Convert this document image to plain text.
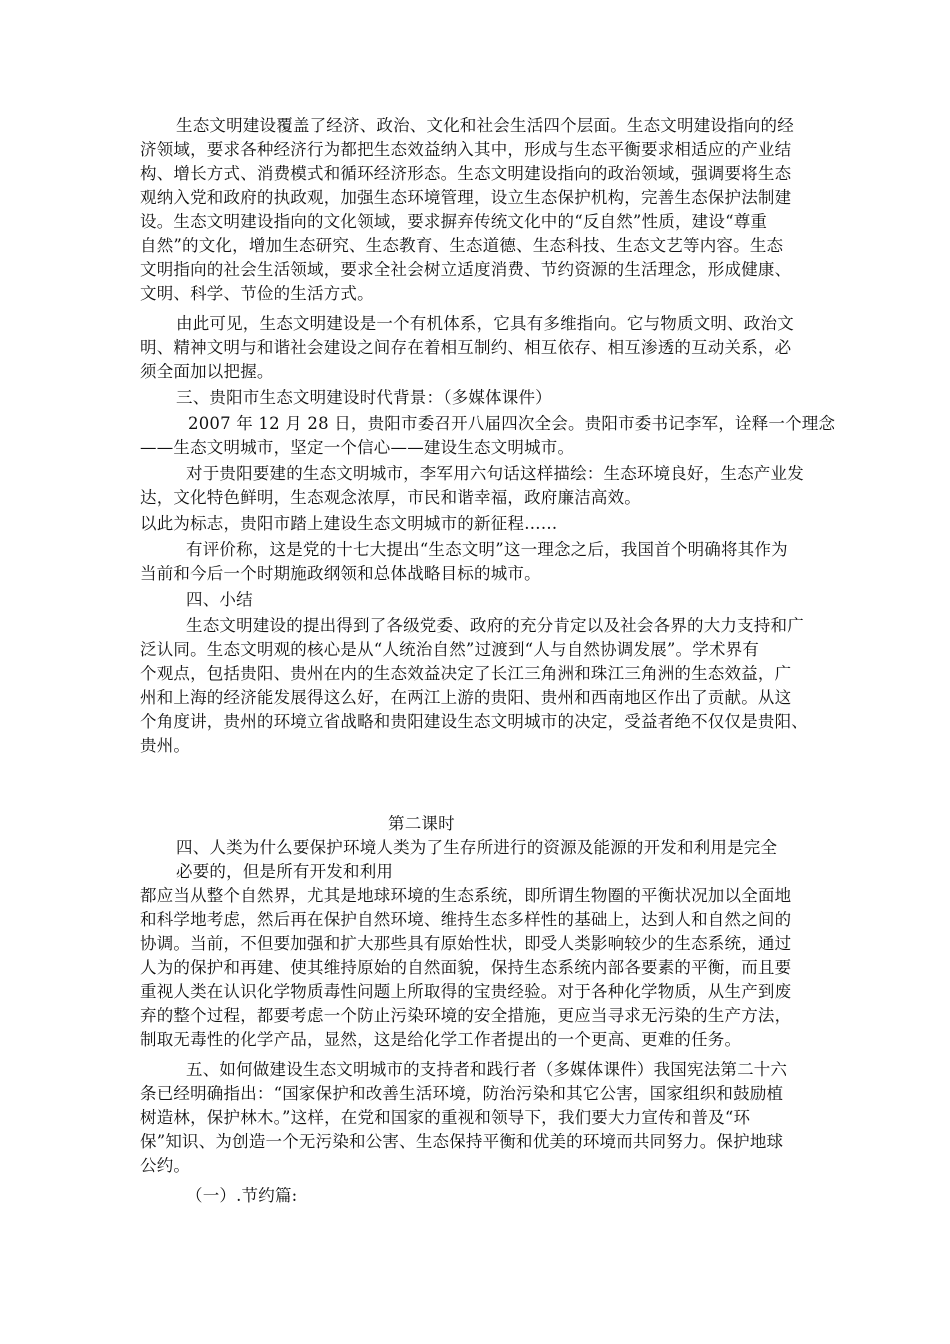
生态文明建设覆盖了经济、政治、文化和社会生活四个层面。生态文明建设指向的经
济领域，要求各种经济行为都把生态效益纳入其中，形成与生态平衡要求相适应的产业结
构、增长方式、消费模式和循环经济形态。生态文明建设指向的政治领域，强调要将生态
观纳入党和政府的执政观，加强生态环境管理，设立生态保护机构，完善生态保护法制建
设。生态文明建设指向的文化领域，要求摒弃传统文化中的“反自然”性质，建设“尊重
自然”的文化，增加生态研究、生态教育、生态道德、生态科技、生态文艺等内容。生态
文明指向的社会生活领域，要求全社会树立适度消费、节约资源的生活理念，形成健康、
文明、科学、节俭的生活方式。
由此可见，生态文明建设是一个有机体系，它具有多维指向。它与物质文明、政治文
明、精神文明与和谐社会建设之间存在着相互制约、相互依存、相互渗透的互动关系，必
须全面加以把握。
三、贵阳市生态文明建设时代背景：（多媒体课件）
2007 年 12 月 28 日，贵阳市委召开八届四次全会。贵阳市委书记李军，诠释一个理念
——生态文明城市，坚定一个信心——建设生态文明城市。
对于贵阳要建的生态文明城市，李军用六句话这样描绘：生态环境良好，生态产业发
达，文化特色鲜明，生态观念浓厚，市民和谐幸福，政府廉洁高效。
以此为标志，贵阳市踏上建设生态文明城市的新征程……
有评价称，这是党的十七大提出“生态文明”这一理念之后，我国首个明确将其作为
当前和今后一个时期施政纲领和总体战略目标的城市。
四、小结
生态文明建设的提出得到了各级党委、政府的充分肯定以及社会各界的大力支持和广
泛认同。生态文明观的核心是从“人统治自然”过渡到“人与自然协调发展”。学术界有
个观点，包括贵阳、贵州在内的生态效益决定了长江三角洲和珠江三角洲的生态效益，广
州和上海的经济能发展得这么好，在两江上游的贵阳、贵州和西南地区作出了贡献。从这
个角度讲，贵州的环境立省战略和贵阳建设生态文明城市的决定，受益者绝不仅仅是贵阳、
贵州。
第二课时
四、人类为什么要保护环境人类为了生存所进行的资源及能源的开发和利用是完全
必要的，但是所有开发和利用
都应当从整个自然界，尤其是地球环境的生态系统，即所谓生物圈的平衡状况加以全面地
和科学地考虑，然后再在保护自然环境、维持生态多样性的基础上，达到人和自然之间的
协调。当前，不但要加强和扩大那些具有原始性状，即受人类影响较少的生态系统，通过
人为的保护和再建、使其维持原始的自然面貌，保持生态系统内部各要素的平衡，而且要
重视人类在认识化学物质毒性问题上所取得的宝贵经验。对于各种化学物质，从生产到废
弃的整个过程，都要考虑一个防止污染环境的安全措施，更应当寻求无污染的生产方法，
制取无毒性的化学产品，显然，这是给化学工作者提出的一个更高、更难的任务。
五、如何做建设生态文明城市的支持者和践行者（多媒体课件）我国宪法第二十六
条已经明确指出：“国家保护和改善生活环境，防治污染和其它公害，国家组织和鼓励植
树造林，保护林木。”这样，在党和国家的重视和领导下，我们要大力宣传和普及“环
保”知识、为创造一个无污染和公害、生态保持平衡和优美的环境而共同努力。保护地球
公约。
（一）.节约篇:
